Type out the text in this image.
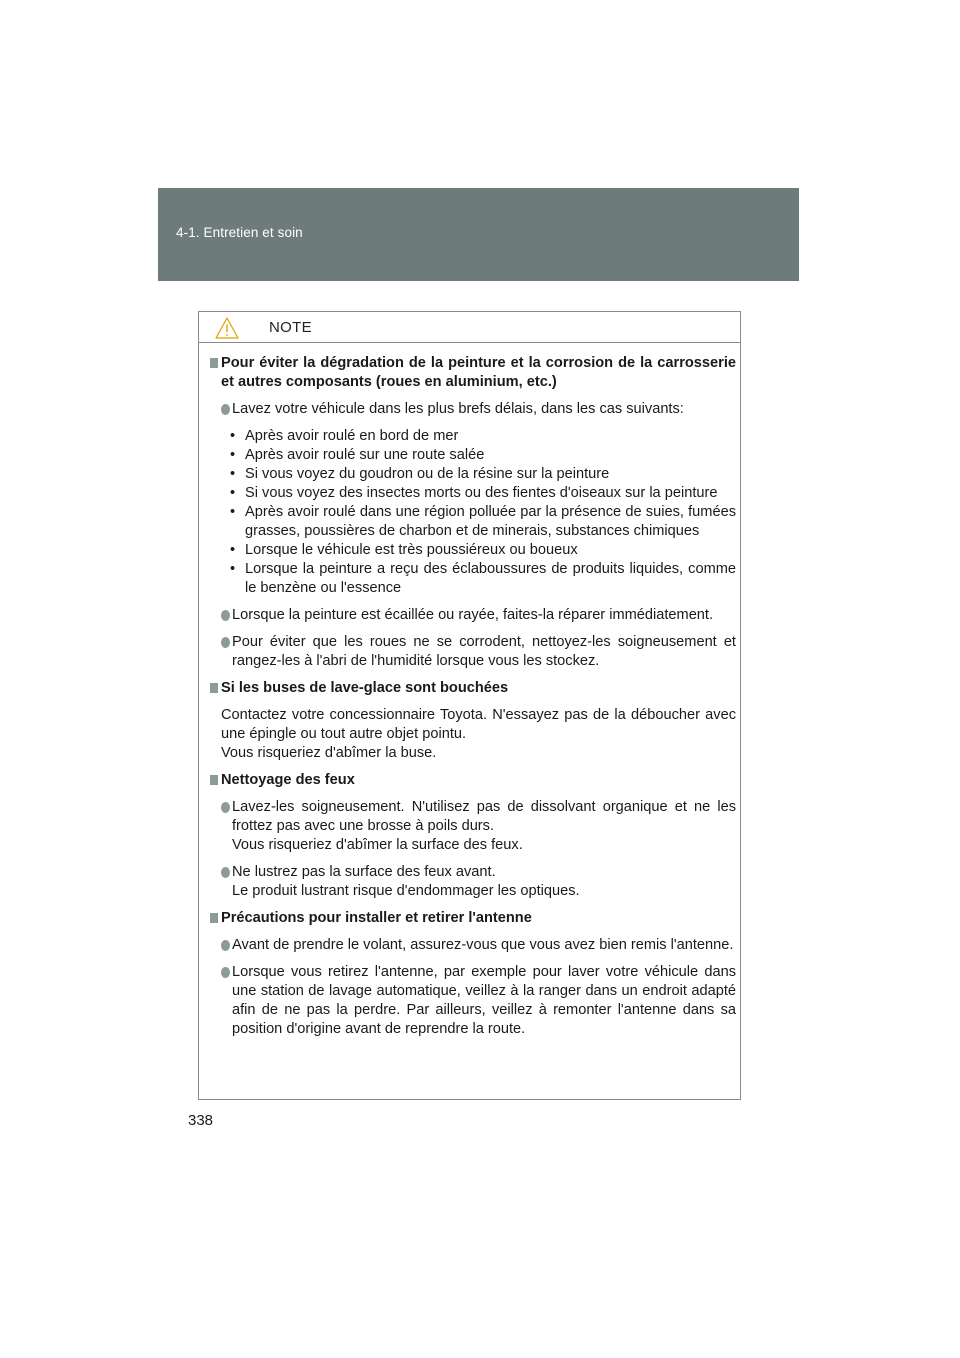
4-1. Entretien et soin
NOTE
Pour éviter la dégradation de la peinture et la corrosion de la carrosserie et autres composants (roues en aluminium, etc.)
Lavez votre véhicule dans les plus brefs délais, dans les cas suivants:
• Après avoir roulé en bord de mer
• Après avoir roulé sur une route salée
• Si vous voyez du goudron ou de la résine sur la peinture
• Si vous voyez des insectes morts ou des fientes d'oiseaux sur la peinture
• Après avoir roulé dans une région polluée par la présence de suies, fumées grasses, poussières de charbon et de minerais, substances chimiques
• Lorsque le véhicule est très poussiéreux ou boueux
• Lorsque la peinture a reçu des éclaboussures de produits liquides, comme le benzène ou l'essence
Lorsque la peinture est écaillée ou rayée, faites-la réparer immédiatement.
Pour éviter que les roues ne se corrodent, nettoyez-les soigneusement et rangez-les à l'abri de l'humidité lorsque vous les stockez.
Si les buses de lave-glace sont bouchées
Contactez votre concessionnaire Toyota. N'essayez pas de la déboucher avec une épingle ou tout autre objet pointu.
Vous risqueriez d'abîmer la buse.
Nettoyage des feux
Lavez-les soigneusement. N'utilisez pas de dissolvant organique et ne les frottez pas avec une brosse à poils durs.
Vous risqueriez d'abîmer la surface des feux.
Ne lustrez pas la surface des feux avant.
Le produit lustrant risque d'endommager les optiques.
Précautions pour installer et retirer l'antenne
Avant de prendre le volant, assurez-vous que vous avez bien remis l'antenne.
Lorsque vous retirez l'antenne, par exemple pour laver votre véhicule dans une station de lavage automatique, veillez à la ranger dans un endroit adapté afin de ne pas la perdre. Par ailleurs, veillez à remonter l'antenne dans sa position d'origine avant de reprendre la route.
338
